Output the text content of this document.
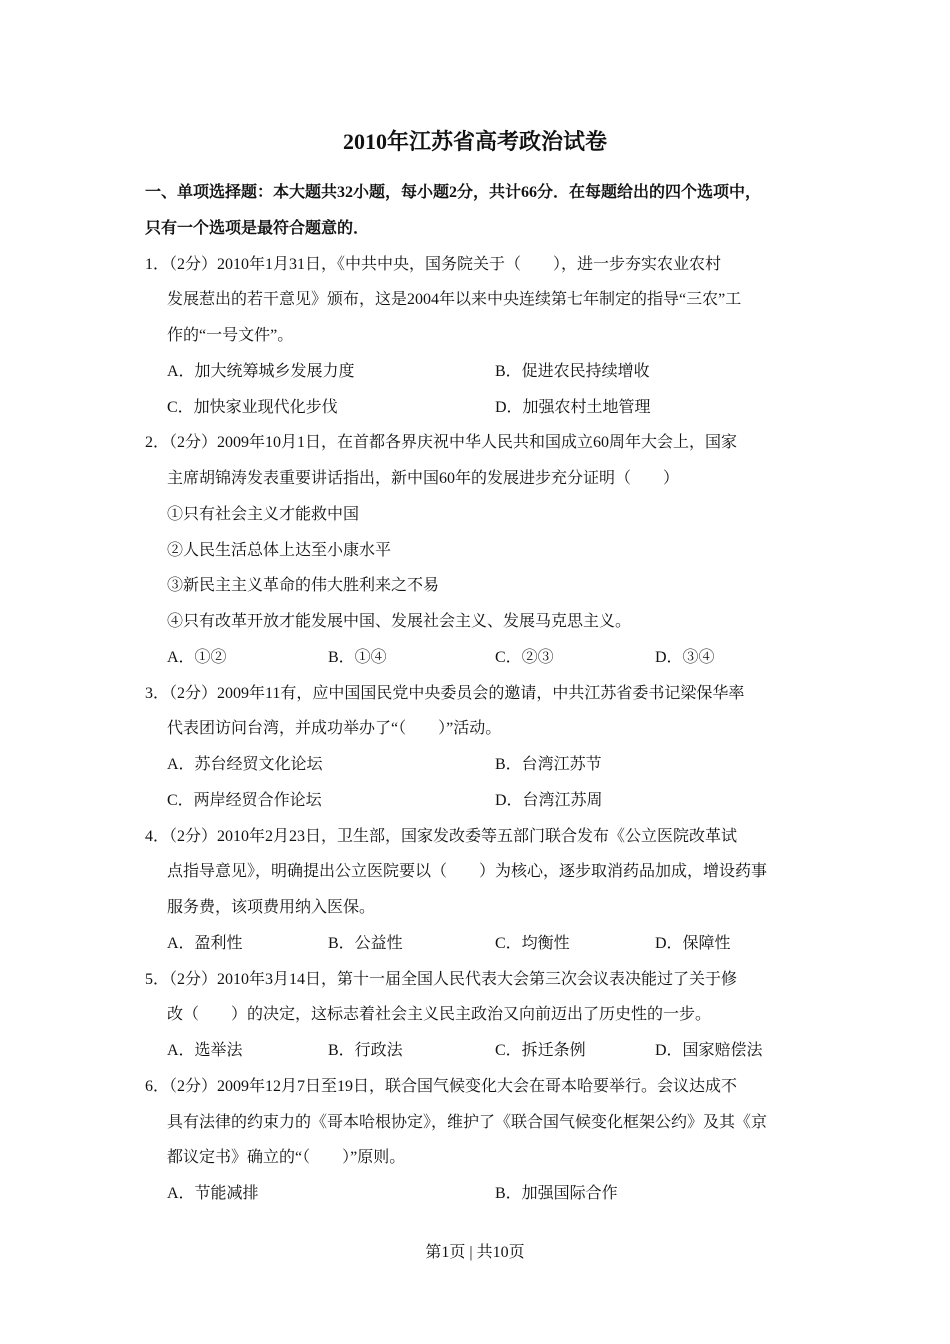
2010年江苏省高考政治试卷
一、单项选择题：本大题共32小题，每小题2分，共计66分．在每题给出的四个选项中，
只有一个选项是最符合题意的．
1．（2分）2010年1月31日，《中共中央，国务院关于（　　），进一步夯实农业农村
发展惹出的若干意见》颁布，这是2004年以来中央连续第七年制定的指导“三农”工
作的“一号文件”。
A．加大统筹城乡发展力度	B．促进农民持续增收
C．加快家业现代化步伐	D．加强农村土地管理
2．（2分）2009年10月1日，在首都各界庆祝中华人民共和国成立60周年大会上，国家
主席胡锦涛发表重要讲话指出，新中国60年的发展进步充分证明（　　）
①只有社会主义才能救中国
②人民生活总体上达至小康水平
③新民主主义革命的伟大胜利来之不易
④只有改革开放才能发展中国、发展社会主义、发展马克思主义。
A．①②	B．①④	C．②③	D．③④
3．（2分）2009年11有，应中国国民党中央委员会的邀请，中共江苏省委书记梁保华率
代表团访问台湾，并成功举办了“（　　）”活动。
A．苏台经贸文化论坛	B．台湾江苏节
C．两岸经贸合作论坛	D．台湾江苏周
4．（2分）2010年2月23日，卫生部，国家发改委等五部门联合发布《公立医院改革试
点指导意见》，明确提出公立医院要以（　　）为核心，逐步取消药品加成，增设药事
服务费，该项费用纳入医保。
A．盈利性	B．公益性	C．均衡性	D．保障性
5．（2分）2010年3月14日，第十一届全国人民代表大会第三次会议表决能过了关于修
改（　　）的决定，这标志着社会主义民主政治又向前迈出了历史性的一步。
A．选举法	B．行政法	C．拆迁条例	D．国家赔偿法
6．（2分）2009年12月7日至19日，联合国气候变化大会在哥本哈要举行。会议达成不
具有法律的约束力的《哥本哈根协定》，维护了《联合国气候变化框架公约》及其《京
都议定书》确立的“（　　）”原则。
A．节能减排	B．加强国际合作
第1页 | 共10页
